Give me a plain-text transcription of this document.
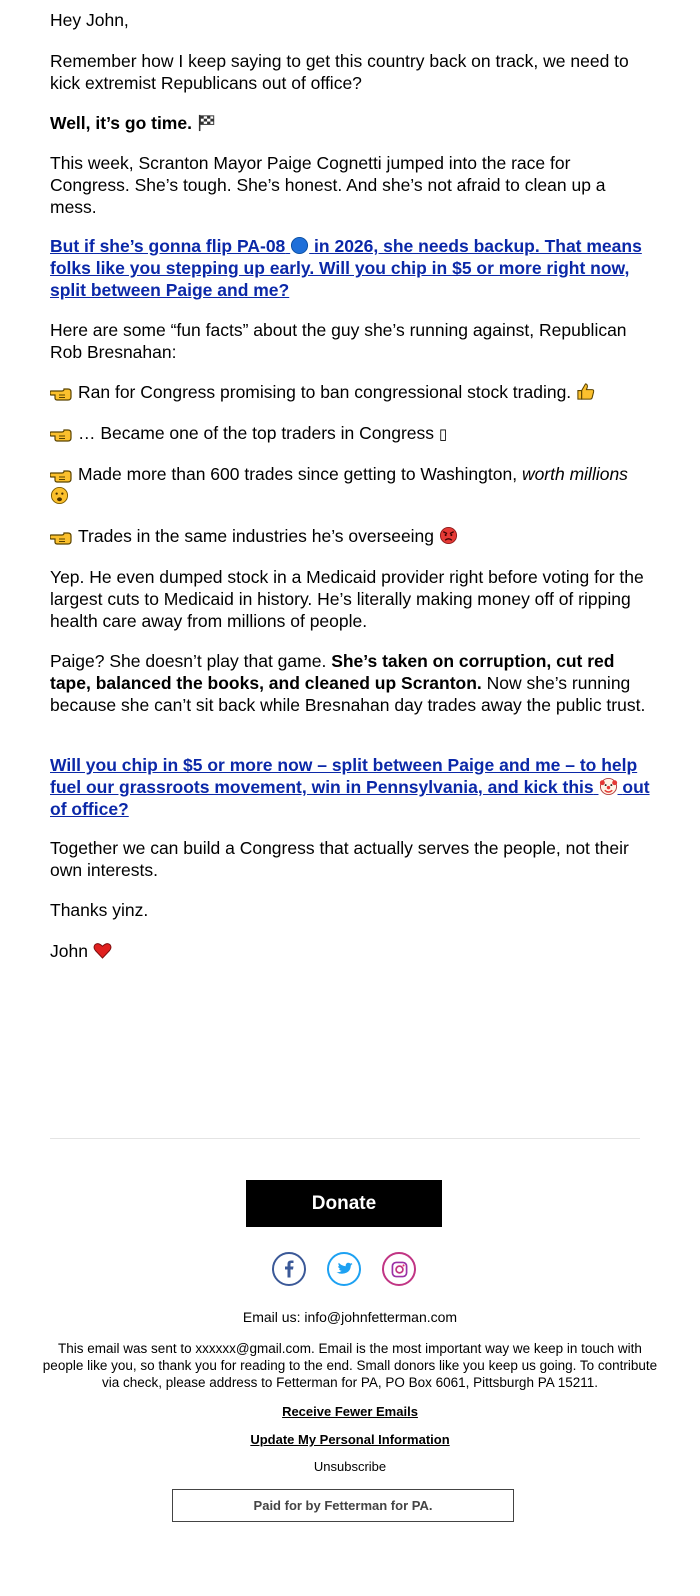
Hey John,

Remember how I keep saying to get this country back on track, we need to kick extremist Republicans out of office?

Well, it’s go time.

This week, Scranton Mayor Paige Cognetti jumped into the race for Congress. She’s tough. She’s honest. And she’s not afraid to clean up a mess.

But if she’s gonna flip PA-08 in 2026, she needs backup. That means folks like you stepping up early. Will you chip in $5 or more right now, split between Paige and me?

Here are some “fun facts” about the guy she’s running against, Republican Rob Bresnahan:

Ran for Congress promising to ban congressional stock trading.

… Became one of the top traders in Congress ▯

Made more than 600 trades since getting to Washington, worth millions

Trades in the same industries he’s overseeing

Yep. He even dumped stock in a Medicaid provider right before voting for the largest cuts to Medicaid in history. He’s literally making money off of ripping health care away from millions of people.

Paige? She doesn’t play that game. She’s taken on corruption, cut red tape, balanced the books, and cleaned up Scranton. Now she’s running because she can’t sit back while Bresnahan day trades away the public trust.

Will you chip in $5 or more now – split between Paige and me – to help fuel our grassroots movement, win in Pennsylvania, and kick this out of office?

Together we can build a Congress that actually serves the people, not their own interests.

Thanks yinz.

John

Donate
Email us: info@johnfetterman.com
This email was sent to xxxxxx@gmail.com. Email is the most important way we keep in touch with people like you, so thank you for reading to the end. Small donors like you keep us going. To contribute via check, please address to Fetterman for PA, PO Box 6061, Pittsburgh PA 15211.
Receive Fewer Emails
Update My Personal Information
Unsubscribe
Paid for by Fetterman for PA.
